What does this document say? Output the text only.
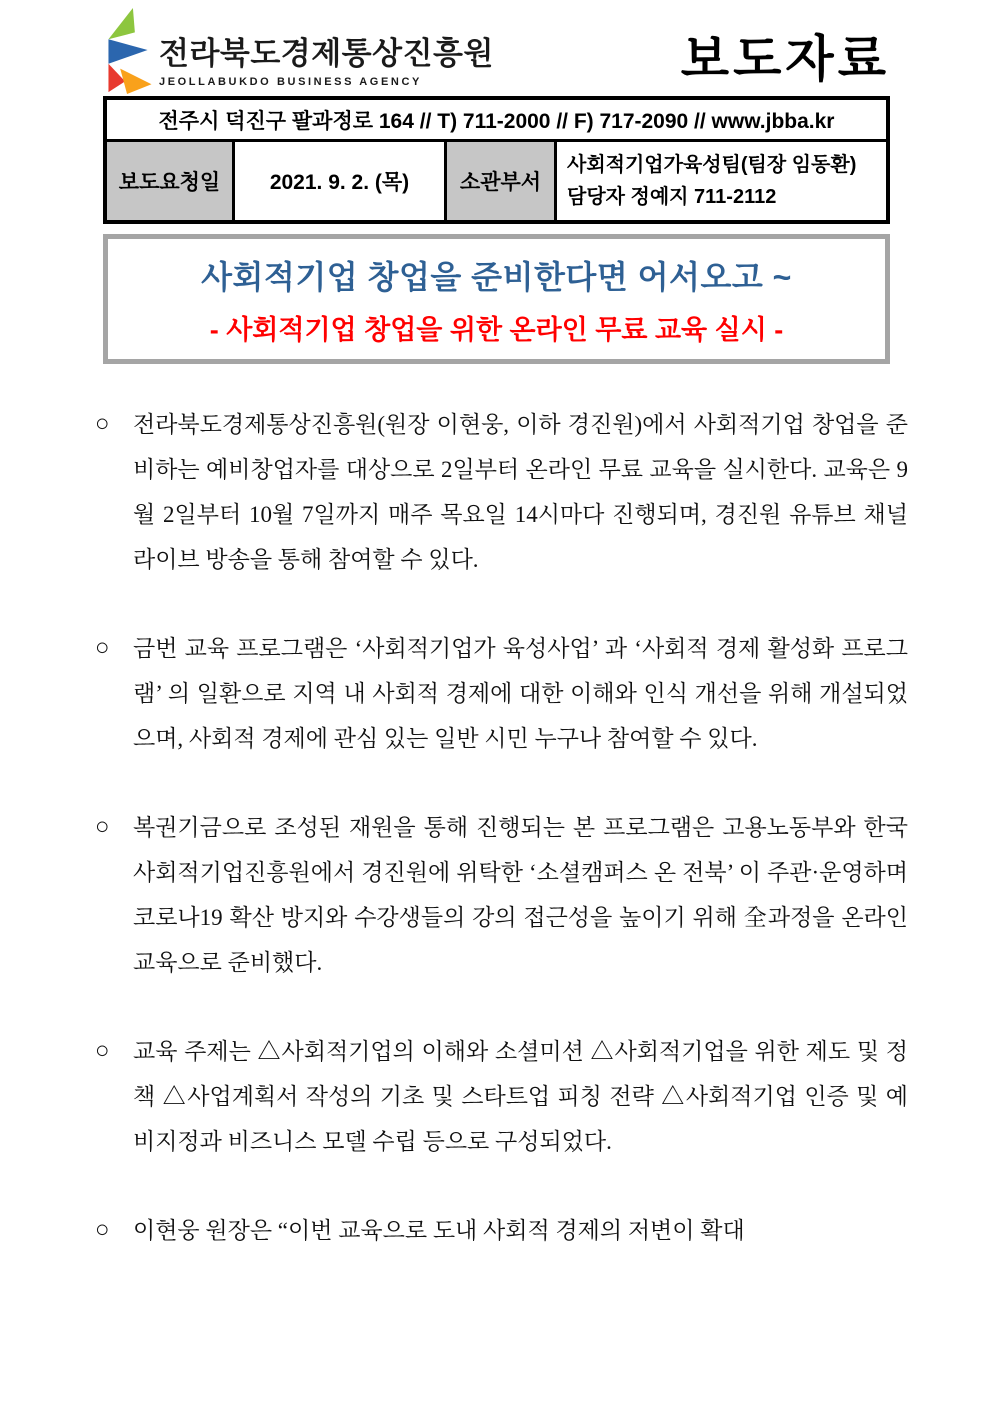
전라북도경제통상진흥원
JEOLLABUKDO BUSINESS AGENCY	보도자료
전주시 덕진구 팔과정로 164 // T) 711-2000 // F) 717-2090 // www.jbba.kr
보도요청일	2021. 9. 2. (목)	소관부서
사회적기업가육성팀(팀장 임동환)
담당자 정예지 711-2112
사회적기업 창업을 준비한다면 어서오고 ~
- 사회적기업 창업을 위한 온라인 무료 교육 실시 -
○	전라북도경제통상진흥원(원장 이현웅, 이하 경진원)에서 사회적기업 창업을 준비하는 예비창업자를 대상으로 2일부터 온라인 무료 교육을 실시한다. 교육은 9월 2일부터 10월 7일까지 매주 목요일 14시마다 진행되며, 경진원 유튜브 채널 라이브 방송을 통해 참여할 수 있다.

○	금번 교육 프로그램은 ‘사회적기업가 육성사업’ 과 ‘사회적 경제 활성화 프로그램’ 의 일환으로 지역 내 사회적 경제에 대한 이해와 인식 개선을 위해 개설되었으며, 사회적 경제에 관심 있는 일반 시민 누구나 참여할 수 있다.

○	복권기금으로 조성된 재원을 통해 진행되는 본 프로그램은 고용노동부와 한국사회적기업진흥원에서 경진원에 위탁한 ‘소셜캠퍼스 온 전북’ 이 주관·운영하며 코로나19 확산 방지와 수강생들의 강의 접근성을 높이기 위해 全과정을 온라인 교육으로 준비했다.

○	교육 주제는 △사회적기업의 이해와 소셜미션 △사회적기업을 위한 제도 및 정책 △사업계획서 작성의 기초 및 스타트업 피칭 전략 △사회적기업 인증 및 예비지정과 비즈니스 모델 수립 등으로 구성되었다.

○	이현웅 원장은 “이번 교육으로 도내 사회적 경제의 저변이 확대
